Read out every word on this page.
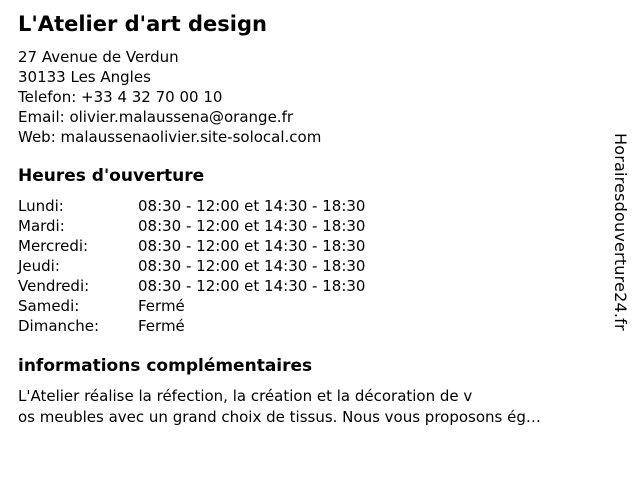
L'Atelier d'art design
27 Avenue de Verdun
30133 Les Angles
Telefon: +33 4 32 70 00 10
Email: olivier.malaussena@orange.fr
Web: malaussenaolivier.site-solocal.com
Heures d'ouverture
Lundi:	08:30 - 12:00 et 14:30 - 18:30
Mardi:	08:30 - 12:00 et 14:30 - 18:30
Mercredi:	08:30 - 12:00 et 14:30 - 18:30
Jeudi:	08:30 - 12:00 et 14:30 - 18:30
Vendredi:	08:30 - 12:00 et 14:30 - 18:30
Samedi:	Fermé
Dimanche:	Fermé
informations complémentaires
L'Atelier réalise la réfection, la création et la décoration de v
os meubles avec un grand choix de tissus. Nous vous proposons ég…
Horairesdouverture24.fr
